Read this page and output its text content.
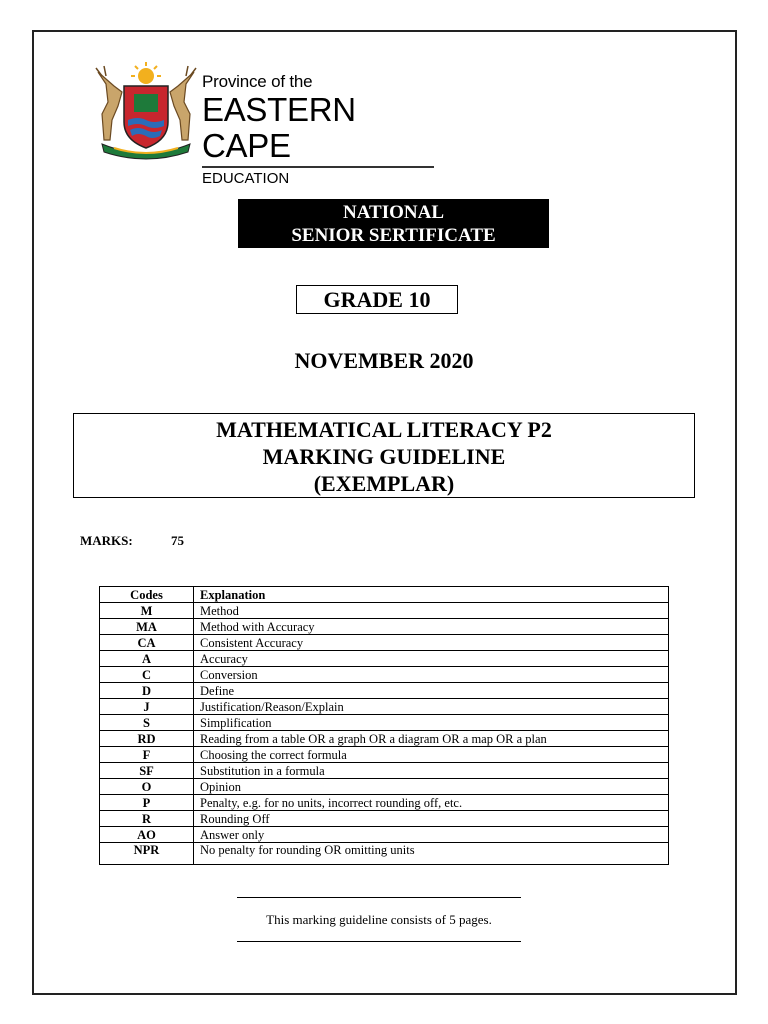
Province of the
EASTERN CAPE
EDUCATION
NATIONAL
SENIOR SERTIFICATE
GRADE 10
NOVEMBER 2020
MATHEMATICAL LITERACY P2
MARKING GUIDELINE
(EXEMPLAR)
MARKS:	75
Codes	Explanation
M	Method
MA	Method with Accuracy
CA	Consistent Accuracy
A	Accuracy
C	Conversion
D	Define
J	Justification/Reason/Explain
S	Simplification
RD	Reading from a table OR a graph OR a diagram OR a map OR a plan
F	Choosing the correct formula
SF	Substitution in a formula
O	Opinion
P	Penalty, e.g. for no units, incorrect rounding off, etc.
R	Rounding Off
AO	Answer only
NPR	No penalty for rounding OR omitting units
This marking guideline consists of 5 pages.
